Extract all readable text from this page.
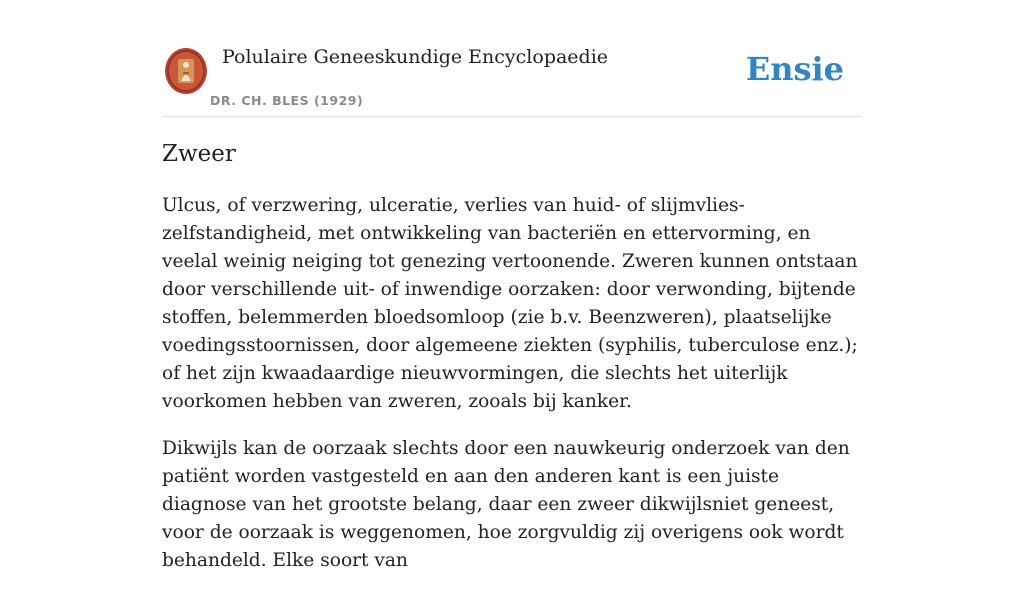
Polulaire Geneeskundige Encyclopaedie
DR. CH. BLES (1929)
Ensie
Zweer

Ulcus, of verzwering, ulceratie, verlies van huid- of slijmvlies-zelfstandigheid, met ontwikkeling van bacteriën en ettervorming, en veelal weinig neiging tot genezing vertoonende. Zweren kunnen ontstaan door verschillende uit- of inwendige oorzaken: door verwonding, bijtende stoffen, belemmerden bloedsomloop (zie b.v. Beenzweren), plaatselijke voedingsstoornissen, door algemeene ziekten (syphilis, tuberculose enz.); of het zijn kwaadaardige nieuwvormingen, die slechts het uiterlijk voorkomen hebben van zweren, zooals bij kanker.

Dikwijls kan de oorzaak slechts door een nauwkeurig onderzoek van den patiënt worden vastgesteld en aan den anderen kant is een juiste diagnose van het grootste belang, daar een zweer dikwijlsniet geneest, voor de oorzaak is weggenomen, hoe zorgvuldig zij overigens ook wordt behandeld. Elke soort van
